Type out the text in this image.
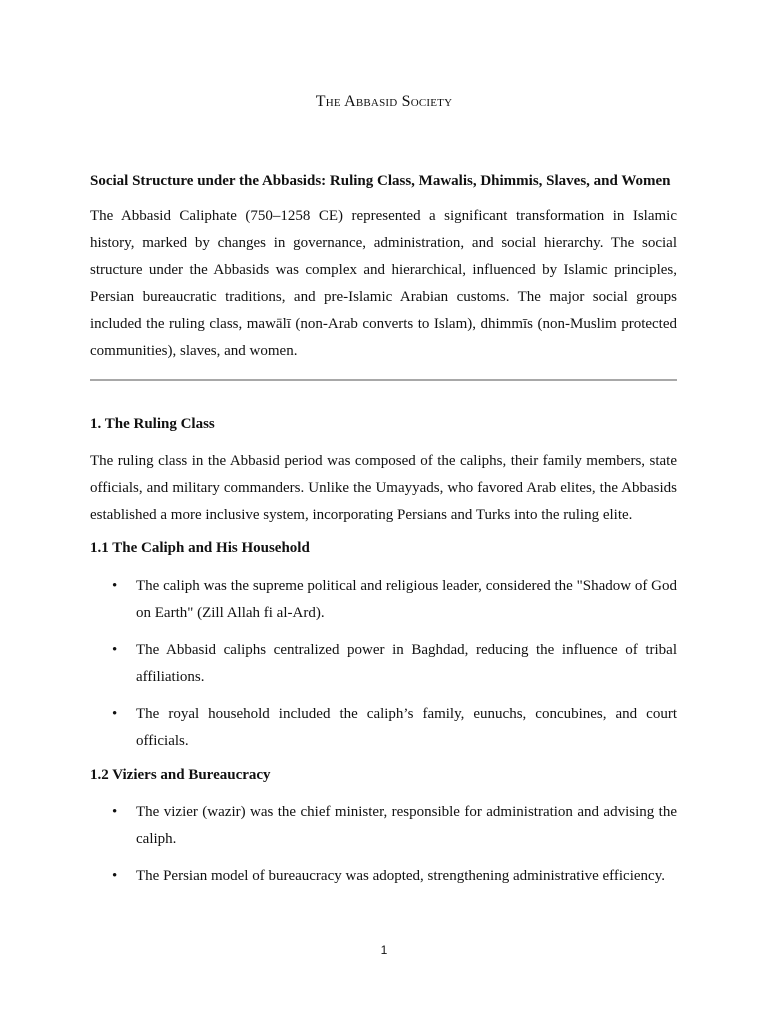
The Abbasid Society

Social Structure under the Abbasids: Ruling Class, Mawalis, Dhimmis, Slaves, and Women

The Abbasid Caliphate (750–1258 CE) represented a significant transformation in Islamic history, marked by changes in governance, administration, and social hierarchy. The social structure under the Abbasids was complex and hierarchical, influenced by Islamic principles, Persian bureaucratic traditions, and pre-Islamic Arabian customs. The major social groups included the ruling class, mawālī (non-Arab converts to Islam), dhimmīs (non-Muslim protected communities), slaves, and women.

1. The Ruling Class

The ruling class in the Abbasid period was composed of the caliphs, their family members, state officials, and military commanders. Unlike the Umayyads, who favored Arab elites, the Abbasids established a more inclusive system, incorporating Persians and Turks into the ruling elite.

1.1 The Caliph and His Household

• The caliph was the supreme political and religious leader, considered the "Shadow of God on Earth" (Zill Allah fi al-Ard).
• The Abbasid caliphs centralized power in Baghdad, reducing the influence of tribal affiliations.
• The royal household included the caliph’s family, eunuchs, concubines, and court officials.

1.2 Viziers and Bureaucracy

• The vizier (wazir) was the chief minister, responsible for administration and advising the caliph.
• The Persian model of bureaucracy was adopted, strengthening administrative efficiency.
1
